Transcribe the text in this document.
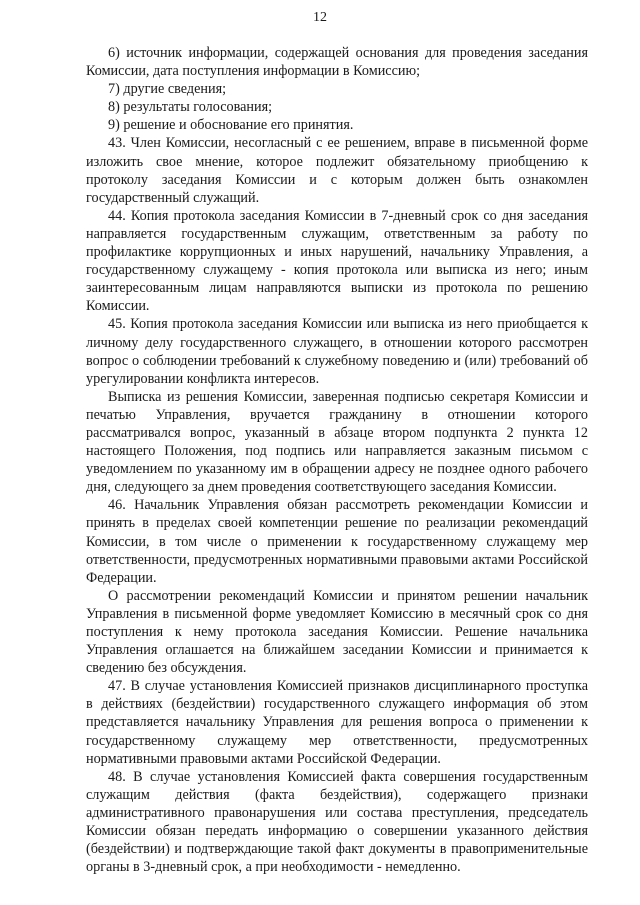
12

6) источник информации, содержащей основания для проведения заседания Комиссии, дата поступления информации в Комиссию;

7) другие сведения;

8) результаты голосования;

9) решение и обоснование его принятия.

43. Член Комиссии, несогласный с ее решением, вправе в письменной форме изложить свое мнение, которое подлежит обязательному приобщению к протоколу заседания Комиссии и с которым должен быть ознакомлен государственный служащий.

44. Копия протокола заседания Комиссии в 7-дневный срок со дня заседания направляется государственным служащим, ответственным за работу по профилактике коррупционных и иных нарушений, начальнику Управления, а государственному служащему - копия протокола или выписка из него; иным заинтересованным лицам направляются выписки из протокола по решению Комиссии.

45. Копия протокола заседания Комиссии или выписка из него приобщается к личному делу государственного служащего, в отношении которого рассмотрен вопрос о соблюдении требований к служебному поведению и (или) требований об урегулировании конфликта интересов.

Выписка из решения Комиссии, заверенная подписью секретаря Комиссии и печатью Управления, вручается гражданину в отношении которого рассматривался вопрос, указанный в абзаце втором подпункта 2 пункта 12 настоящего Положения, под подпись или направляется заказным письмом с уведомлением по указанному им в обращении адресу не позднее одного рабочего дня, следующего за днем проведения соответствующего заседания Комиссии.

46. Начальник Управления обязан рассмотреть рекомендации Комиссии и принять в пределах своей компетенции решение по реализации рекомендаций Комиссии, в том числе о применении к государственному служащему мер ответственности, предусмотренных нормативными правовыми актами Российской Федерации.

О рассмотрении рекомендаций Комиссии и принятом решении начальник Управления в письменной форме уведомляет Комиссию в месячный срок со дня поступления к нему протокола заседания Комиссии. Решение начальника Управления оглашается на ближайшем заседании Комиссии и принимается к сведению без обсуждения.

47. В случае установления Комиссией признаков дисциплинарного проступка в действиях (бездействии) государственного служащего информация об этом представляется начальнику Управления для решения вопроса о применении к государственному служащему мер ответственности, предусмотренных нормативными правовыми актами Российской Федерации.

48. В случае установления Комиссией факта совершения государственным служащим действия (факта бездействия), содержащего признаки административного правонарушения или состава преступления, председатель Комиссии обязан передать информацию о совершении указанного действия (бездействии) и подтверждающие такой факт документы в правоприменительные органы в 3-дневный срок, а при необходимости - немедленно.
